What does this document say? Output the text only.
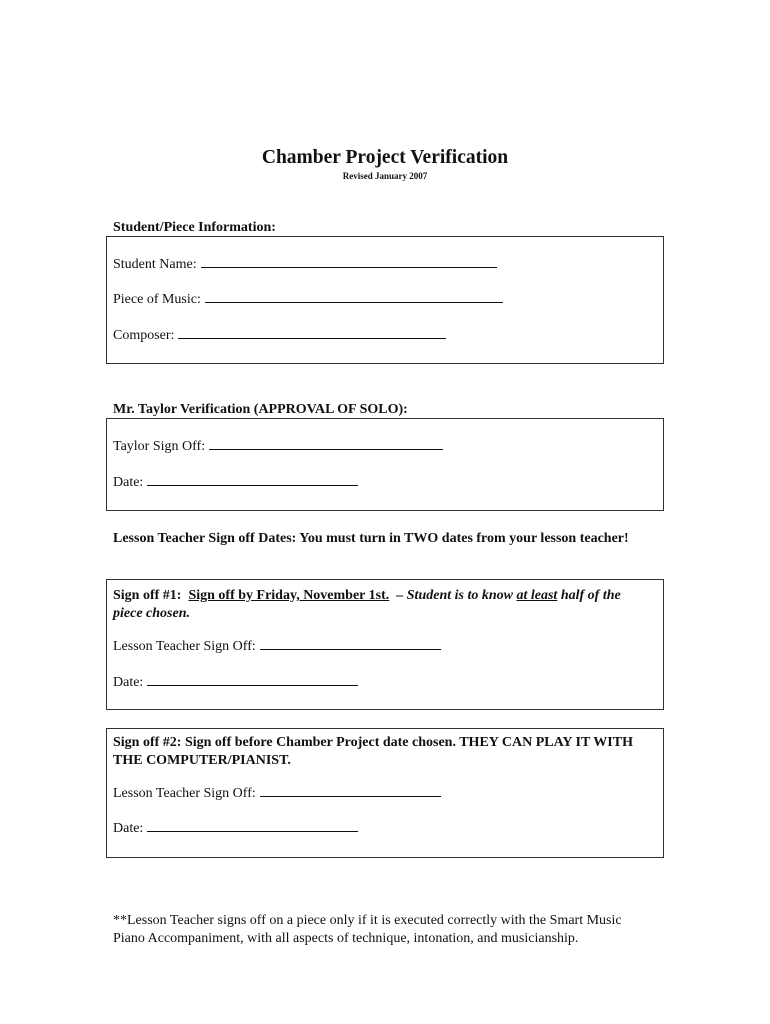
Chamber Project Verification
Revised January 2007
Student/Piece Information:
Student Name:
Piece of Music:
Composer:
Mr. Taylor Verification (APPROVAL OF SOLO):
Taylor Sign Off:
Date:
Lesson Teacher Sign off Dates: You must turn in TWO dates from your lesson teacher!
Sign off #1: Sign off by Friday, November 1st. – Student is to know at least half of the piece chosen.
Lesson Teacher Sign Off:
Date:
Sign off #2: Sign off before Chamber Project date chosen. THEY CAN PLAY IT WITH THE COMPUTER/PIANIST.
Lesson Teacher Sign Off:
Date:
**Lesson Teacher signs off on a piece only if it is executed correctly with the Smart Music Piano Accompaniment, with all aspects of technique, intonation, and musicianship.
